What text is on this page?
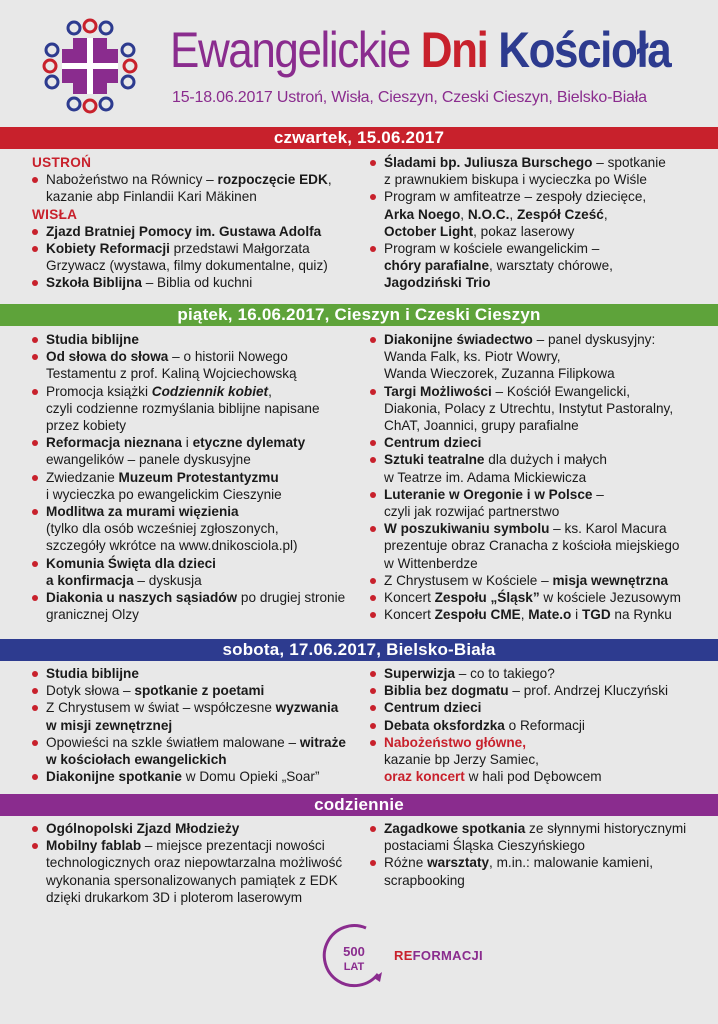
Ewangelickie Dni Kościoła
15-18.06.2017 Ustroń, Wisła, Cieszyn, Czeski Cieszyn, Bielsko-Biała
czwartek, 15.06.2017
USTROŃ
Nabożeństwo na Równicy – rozpoczęcie EDK,
kazanie abp Finlandii Kari Mäkinen
WISŁA
Zjazd Bratniej Pomocy im. Gustawa Adolfa
Kobiety Reformacji przedstawi Małgorzata
Grzywacz (wystawa, filmy dokumentalne, quiz)
Szkoła Biblijna – Biblia od kuchni
Śladami bp. Juliusza Burschego – spotkanie
z prawnukiem biskupa i wycieczka po Wiśle
Program w amfiteatrze – zespoły dziecięce,
Arka Noego, N.O.C., Zespół Cześć,
October Light, pokaz laserowy
Program w kościele ewangelickim –
chóry parafialne, warsztaty chórowe,
Jagodziński Trio
piątek, 16.06.2017, Cieszyn i Czeski Cieszyn
Studia biblijne
Od słowa do słowa – o historii Nowego
Testamentu z prof. Kaliną Wojciechowską
Promocja książki Codziennik kobiet,
czyli codzienne rozmyślania biblijne napisane
przez kobiety
Reformacja nieznana i etyczne dylematy
ewangelików – panele dyskusyjne
Zwiedzanie Muzeum Protestantyzmu
i wycieczka po ewangelickim Cieszynie
Modlitwa za murami więzienia
(tylko dla osób wcześniej zgłoszonych,
szczegóły wkrótce na www.dnikosciola.pl)
Komunia Święta dla dzieci
a konfirmacja – dyskusja
Diakonia u naszych sąsiadów po drugiej stronie
granicznej Olzy
Diakonijne świadectwo – panel dyskusyjny:
Wanda Falk, ks. Piotr Wowry,
Wanda Wieczorek, Zuzanna Filipkowa
Targi Możliwości – Kościół Ewangelicki,
Diakonia, Polacy z Utrechtu, Instytut Pastoralny,
ChAT, Joannici, grupy parafialne
Centrum dzieci
Sztuki teatralne dla dużych i małych
w Teatrze im. Adama Mickiewicza
Luteranie w Oregonie i w Polsce –
czyli jak rozwijać partnerstwo
W poszukiwaniu symbolu – ks. Karol Macura
prezentuje obraz Cranacha z kościoła miejskiego
w Wittenberdze
Z Chrystusem w Kościele – misja wewnętrzna
Koncert Zespołu „Śląsk” w kościele Jezusowym
Koncert Zespołu CME, Mate.o i TGD na Rynku
sobota, 17.06.2017, Bielsko-Biała
Studia biblijne
Dotyk słowa – spotkanie z poetami
Z Chrystusem w świat – współczesne wyzwania
w misji zewnętrznej
Opowieści na szkle światłem malowane – witraże
w kościołach ewangelickich
Diakonijne spotkanie w Domu Opieki „Soar”
Superwizja – co to takiego?
Biblia bez dogmatu – prof. Andrzej Kluczyński
Centrum dzieci
Debata oksfordzka o Reformacji
Nabożeństwo główne,
kazanie bp Jerzy Samiec,
oraz koncert w hali pod Dębowcem
codziennie
Ogólnopolski Zjazd Młodzieży
Mobilny fablab – miejsce prezentacji nowości
technologicznych oraz niepowtarzalna możliwość
wykonania spersonalizowanych pamiątek z EDK
dzięki drukarkom 3D i ploterom laserowym
Zagadkowe spotkania ze słynnymi historycznymi
postaciami Śląska Cieszyńskiego
Różne warsztaty, m.in.: malowanie kamieni,
scrapbooking
500
LAT
REFORMACJI
